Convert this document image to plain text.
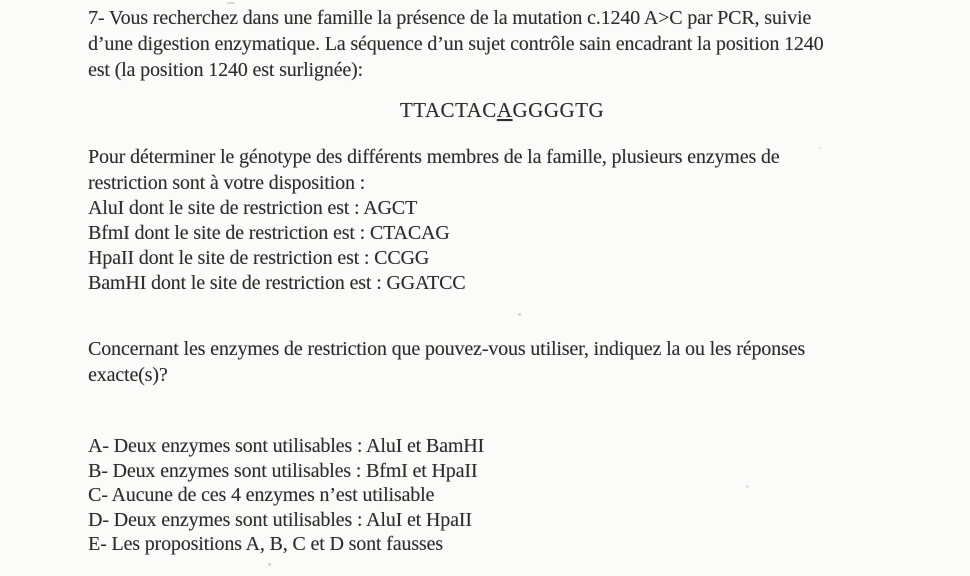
7- Vous recherchez dans une famille la présence de la mutation c.1240 A>C par PCR, suivie
d’une digestion enzymatique. La séquence d’un sujet contrôle sain encadrant la position 1240
est (la position 1240 est surlignée):
TTACTACAGGGGTG
Pour déterminer le génotype des différents membres de la famille, plusieurs enzymes de
restriction sont à votre disposition :
AluI dont le site de restriction est : AGCT
BfmI dont le site de restriction est : CTACAG
HpaII dont le site de restriction est : CCGG
BamHI dont le site de restriction est : GGATCC
Concernant les enzymes de restriction que pouvez-vous utiliser, indiquez la ou les réponses
exacte(s)?
A- Deux enzymes sont utilisables : AluI et BamHI
B- Deux enzymes sont utilisables : BfmI et HpaII
C- Aucune de ces 4 enzymes n’est utilisable
D- Deux enzymes sont utilisables : AluI et HpaII
E- Les propositions A, B, C et D sont fausses
